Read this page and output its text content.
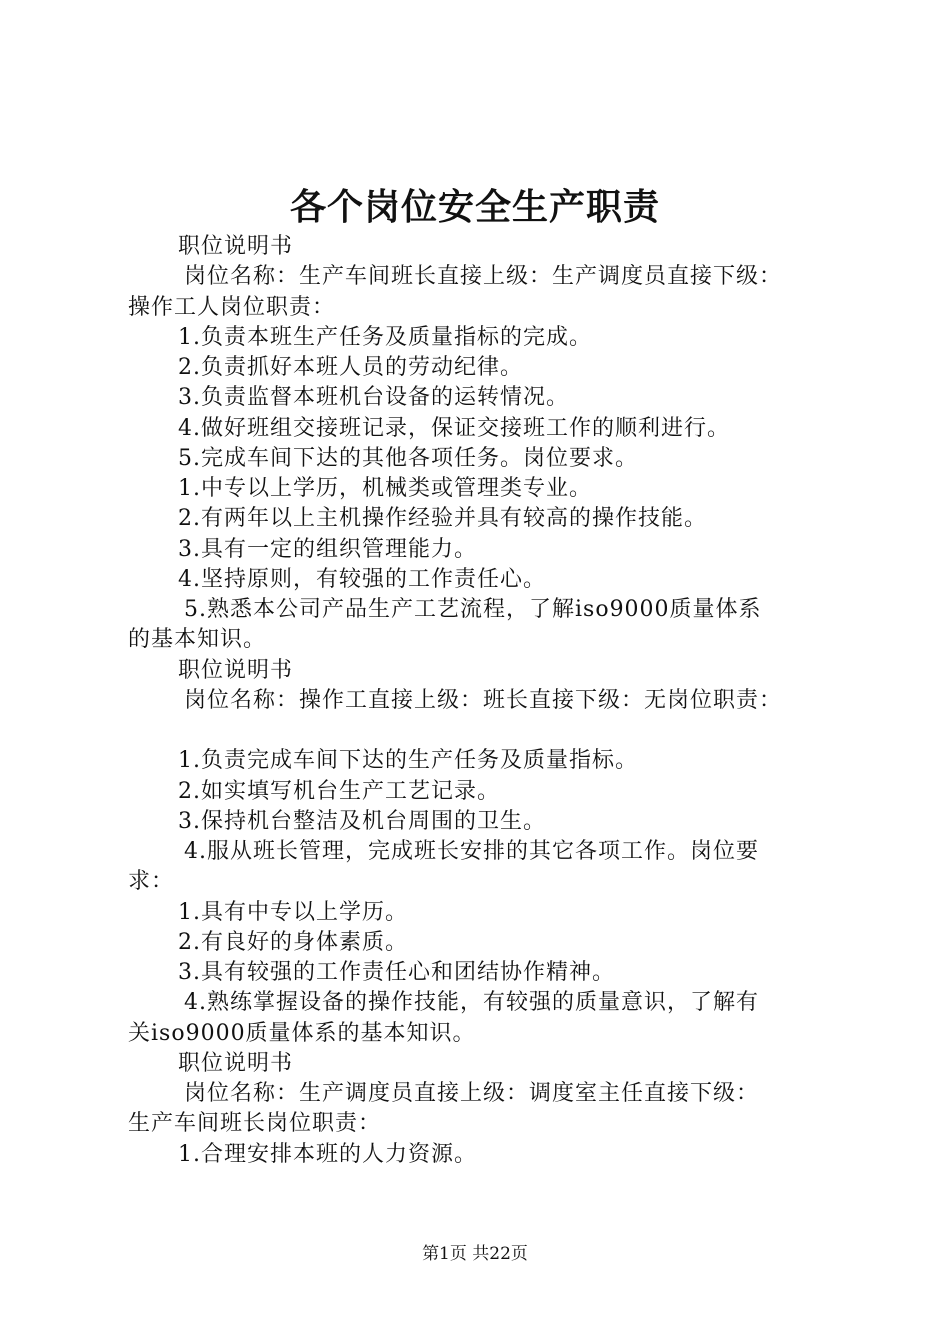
各个岗位安全生产职责
职位说明书
岗位名称：生产车间班长直接上级：生产调度员直接下级：
操作工人岗位职责：
1.负责本班生产任务及质量指标的完成。
2.负责抓好本班人员的劳动纪律。
3.负责监督本班机台设备的运转情况。
4.做好班组交接班记录，保证交接班工作的顺利进行。
5.完成车间下达的其他各项任务。岗位要求。
1.中专以上学历，机械类或管理类专业。
2.有两年以上主机操作经验并具有较高的操作技能。
3.具有一定的组织管理能力。
4.坚持原则，有较强的工作责任心。
5.熟悉本公司产品生产工艺流程，了解iso9000质量体系
的基本知识。
职位说明书
岗位名称：操作工直接上级：班长直接下级：无岗位职责：
1.负责完成车间下达的生产任务及质量指标。
2.如实填写机台生产工艺记录。
3.保持机台整洁及机台周围的卫生。
4.服从班长管理，完成班长安排的其它各项工作。岗位要
求：
1.具有中专以上学历。
2.有良好的身体素质。
3.具有较强的工作责任心和团结协作精神。
4.熟练掌握设备的操作技能，有较强的质量意识，了解有
关iso9000质量体系的基本知识。
职位说明书
岗位名称：生产调度员直接上级：调度室主任直接下级：
生产车间班长岗位职责：
1.合理安排本班的人力资源。
第1页 共22页
